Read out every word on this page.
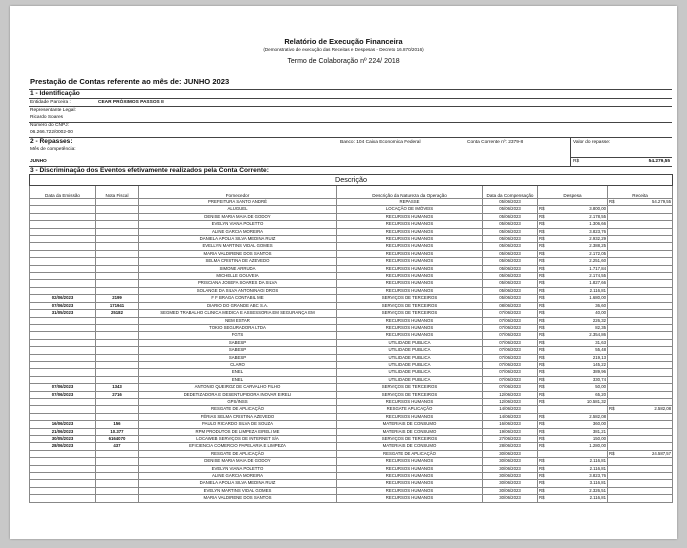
Relatório de Execução Financeira
(Demonstrativo de execução das Receitas e Despesas - Decreto 16.870/2016)
Termo de Colaboração nº 224/ 2018
Prestação de Contas referente ao mês de: JUNHO 2023
1 - Identificação
Entidade Parceira :	CEAR PRÓXIMOS PASSOS II
Representante Legal:
Ricardo Soares
Número do CNPJ:
06.266.722/0002-00
2 - Repasses:	Banco: 104 Caixa Economica Federal	Conta Corrente nº: 2379-8	Valor do repasse:
Mês de competência:
JUNHO	R$	54.279,55
3 - Discriminação dos Eventos efetivamente realizados pela Conta Corrente:
Descrição						
Data da Emissão	Nota Fiscal	Fornecedor	Descrição da Natureza da Operação	Data da Compensação	Despesa	Receita
		PREFEITURA SANTO ANDRÉ	REPASSE	05/06/2023		R$ 54.279,55
		ALUGUEL	LOCAÇÃO DE IMÓVEIS	05/06/2023	R$ 3.800,00	
		DENISE MARIA MAIA DE GODOY	RECURSOS HUMANOS	05/06/2023	R$ 2.178,55	
		EVELYN VIANA POLETTO	RECURSOS HUMANOS	05/06/2023	R$ 1.306,66	
		ALINE GARCIA MOREIRA	RECURSOS HUMANOS	05/06/2023	R$ 3.823,76	
		DANIELA APOLIA SILVA MEDINA RUIZ	RECURSOS HUMANOS	05/06/2023	R$ 2.932,29	
		EVELLYN MARTINS VIDAL GOMES	RECURSOS HUMANOS	05/06/2023	R$ 2.388,25	
		MARIA VALDIRENE DOS SANTOS	RECURSOS HUMANOS	05/06/2023	R$ 2.172,05	
		SELMA CRISTINA DE AZEVEDO	RECURSOS HUMANOS	05/06/2023	R$ 2.251,60	
		SIMONE ARRUDA	RECURSOS HUMANOS	05/06/2023	R$ 1.717,84	
		MICHELLE GOUVEIA	RECURSOS HUMANOS	05/06/2023	R$ 2.174,55	
		PRISCIANA JOSEFA SOARES DA SILVA	RECURSOS HUMANOS	05/06/2023	R$ 1.827,66	
		SOLANGE DA SILVA ANTONINAGI DROS	RECURSOS HUMANOS	05/06/2023	R$ 2.116,81	
02/06/2023	2199	F F BRAGA CONTABIL ME	SERVIÇOS DE TERCEIROS	05/06/2023	R$ 1.680,00	
07/06/2023	171941	DIARIO DO GRANDE ABC S.A.	SERVIÇOS DE TERCEIROS	08/06/2023	R$ 36,60	
31/05/2023	25182	SEGMED TRABALHO CLINICA MEDICA E ASSESSORIA EM SEGURANÇA EM	SERVIÇOS DE TERCEIROS	07/06/2023	R$ 40,00	
		NEM ESTAR	RECURSOS HUMANOS	07/06/2023	R$ 226,32	
		TOKIO SEGURADORA LTDA	RECURSOS HUMANOS	07/06/2023	R$ 82,35	
		FGTS	RECURSOS HUMANOS	07/06/2023	R$ 2.354,86	
		SABESP	UTILIDADE PUBLICA	07/06/2023	R$ 31,63	
		SABESP	UTILIDADE PUBLICA	07/06/2023	R$ 55,48	
		SABESP	UTILIDADE PUBLICA	07/06/2023	R$ 219,13	
		CLARO	UTILIDADE PUBLICA	07/06/2023	R$ 145,22	
		ENEL	UTILIDADE PUBLICA	07/06/2023	R$ 389,96	
		ENEL	UTILIDADE PUBLICA	07/06/2023	R$ 330,74	
07/06/2023	1343	ANTONIO QUEIROZ DE CARVALHO FILHO	SERVIÇOS DE TERCEIROS	07/06/2023	R$ 50,00	
07/06/2023	2716	DEDETIZADORA E DESENTUPIDORA INOVAR EIRELI	SERVIÇOS DE TERCEIROS	12/06/2023	R$ 65,20	
		GPS/INSS	RECURSOS HUMANOS	12/06/2023	R$ 10.581,32	
		RESGATE DE APLICAÇÃO	RESGATE APLICAÇÃO	14/06/2023		R$ 2.582,08
		FÉRIAS SELMA CRISTINA AZEVEDO	RECURSOS HUMANOS	14/06/2023	R$ 2.582,08	
16/06/2023	156	PAULO RICARDO SILVA DE SOUZA	MATERIAIS DE CONSUMO	16/06/2023	R$ 360,00	
21/06/2023	10.377	RPM PRODUTOS DE LIMPEZA EIRELI ME	MATERIAIS DE CONSUMO	19/06/2023	R$ 381,21	
30/05/2023	6164070	LOCAWEB SERVIÇOS DE INTERNET S/A	SERVIÇOS DE TERCEIROS	27/06/2023	R$ 150,00	
28/06/2023	437	EFICIENCIA COMERCIO PAPELARIA E LIMPEZA	MATERIAIS DE CONSUMO	28/06/2023	R$ 1.280,00	
		RESGATE DE APLICAÇÃO	RESGATE DE APLICAÇÃO	30/06/2023		R$ 24.587,57
		DENISE MARIA MAIA DE GODOY	RECURSOS HUMANOS	30/06/2023	R$ 2.116,81	
		EVELYN VIANA POLETTO	RECURSOS HUMANOS	30/06/2023	R$ 2.116,81	
		ALINE GARCIA MOREIRA	RECURSOS HUMANOS	30/06/2023	R$ 3.823,76	
		DANIELA APOLIA SILVA MEDINA RUIZ	RECURSOS HUMANOS	30/06/2023	R$ 3.116,81	
		EVELYN MARTINS VIDAL GOMES	RECURSOS HUMANOS	30/06/2023	R$ 2.326,51	
		MARIA VALDIRENE DOS SANTOS	RECURSOS HUMANOS	30/06/2023	R$ 2.116,81	
